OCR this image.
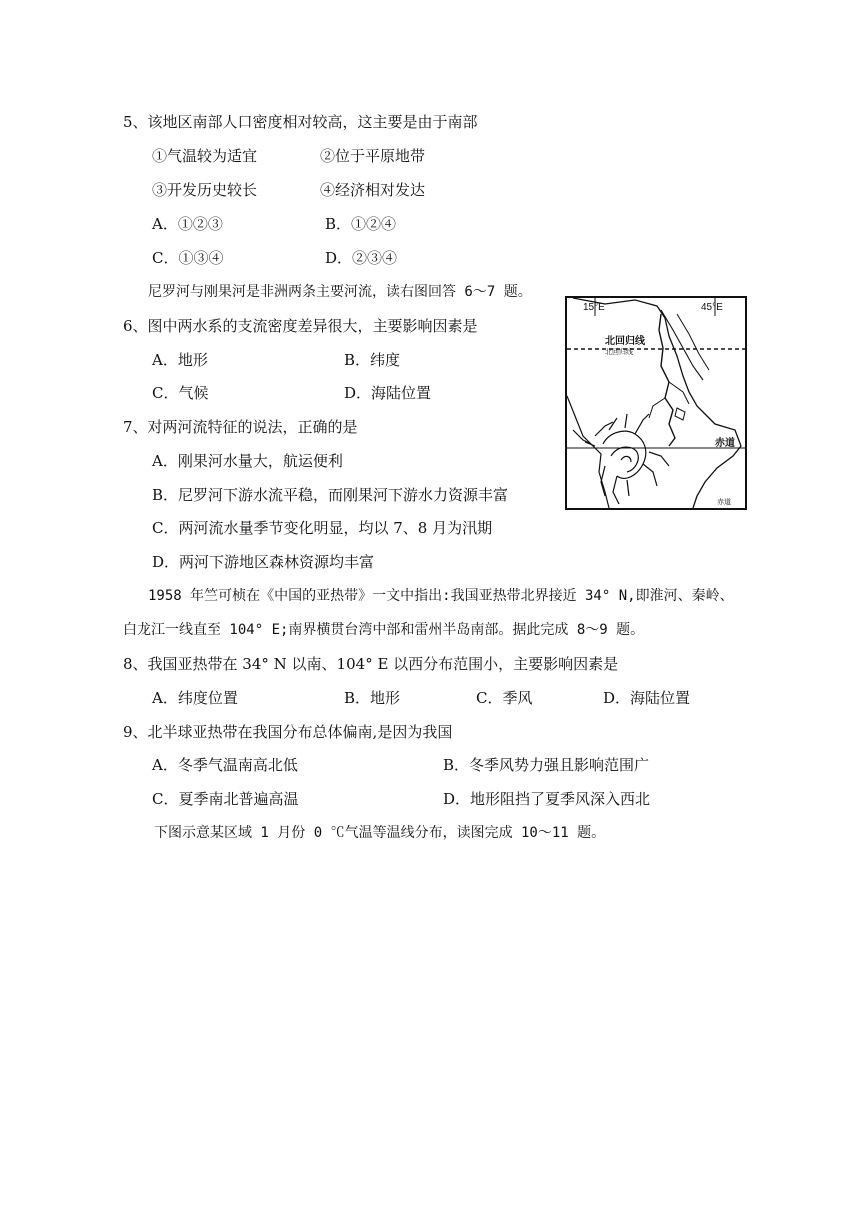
5、该地区南部人口密度相对较高，这主要是由于南部
①气温较为适宜	②位于平原地带
③开发历史较长	④经济相对发达
A．①②③	B．①②④
C．①③④	D．②③④
尼罗河与刚果河是非洲两条主要河流，读右图回答 6～7 题。
6、图中两水系的支流密度差异很大，主要影响因素是
A．地形	B．纬度
C．气候	D．海陆位置
7、对两河流特征的说法，正确的是
A．刚果河水量大，航运便利
B．尼罗河下游水流平稳，而刚果河下游水力资源丰富
C．两河流水量季节变化明显，均以 7、8 月为汛期
D．两河下游地区森林资源均丰富
1958 年竺可桢在《中国的亚热带》一文中指出:我国亚热带北界接近 34° N,即淮河、秦岭、
白龙江一线直至 104° E;南界横贯台湾中部和雷州半岛南部。据此完成 8～9 题。
8、我国亚热带在 34° N 以南、104° E 以西分布范围小，主要影响因素是
A．纬度位置	B．地形	C．季风	D．海陆位置
9、北半球亚热带在我国分布总体偏南,是因为我国
A．冬季气温南高北低	B．冬季风势力强且影响范围广
C．夏季南北普遍高温	D．地形阻挡了夏季风深入西北
下图示意某区域 1 月份 0 ℃气温等温线分布，读图完成 10～11 题。
15°E	45°E
北回归线
北回归线
赤道
赤道
